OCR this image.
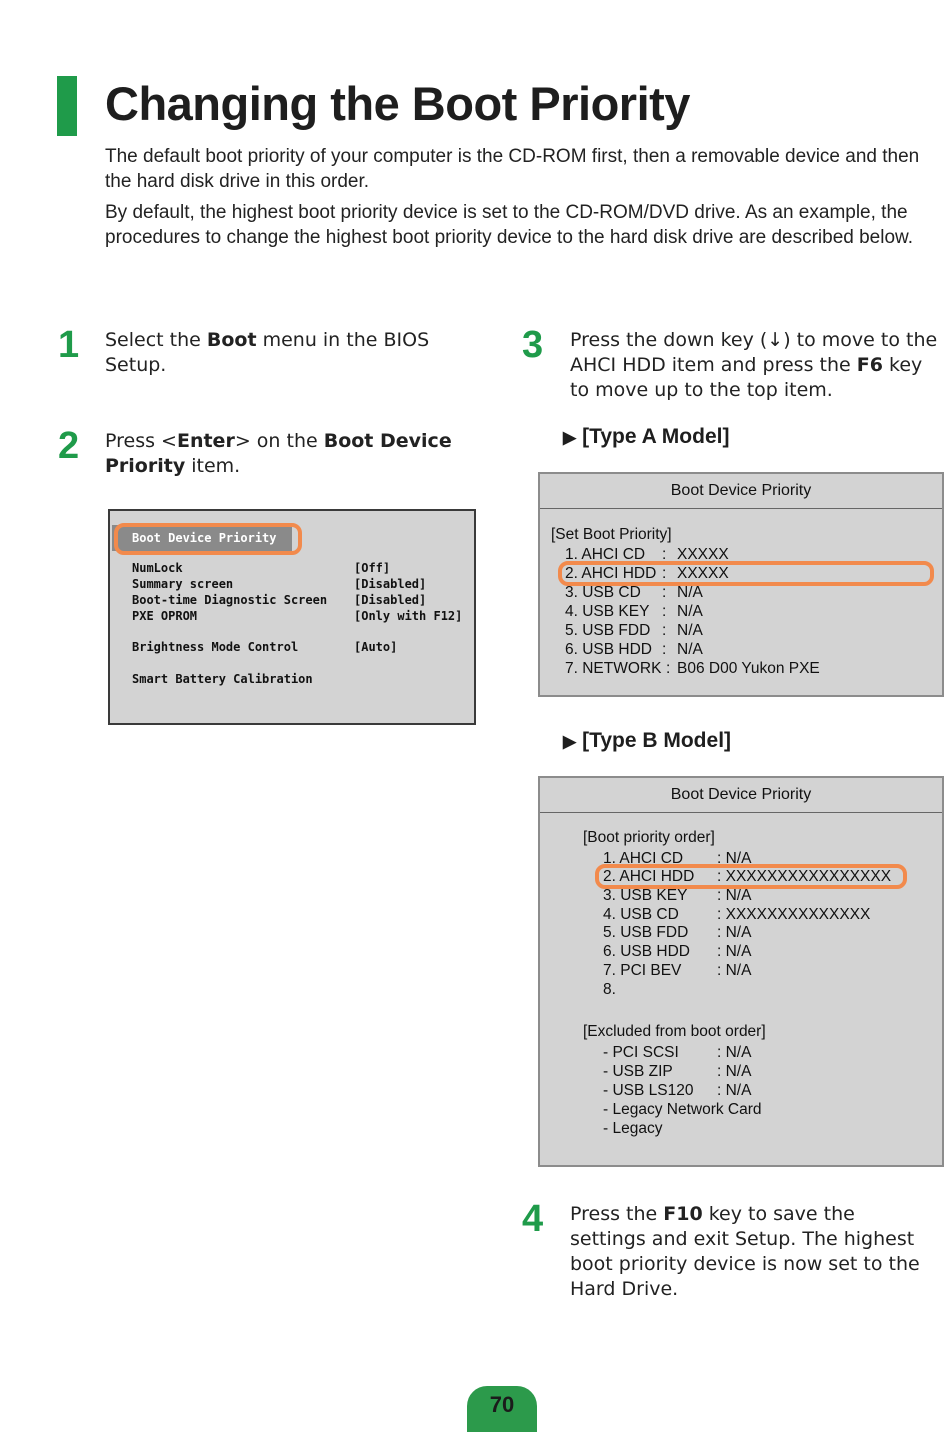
Changing the Boot Priority

The default boot priority of your computer is the CD-ROM first, then a removable device and then the hard disk drive in this order.

By default, the highest boot priority device is set to the CD-ROM/DVD drive. As an example, the procedures to change the highest boot priority device to the hard disk drive are described below.

1 Select the Boot menu in the BIOS Setup.

2 Press <Enter> on the Boot Device Priority item.

Boot Device Priority
NumLock	[Off]
Summary screen	[Disabled]
Boot-time Diagnostic Screen [Disabled]
PXE OPROM	[Only with F12]
Brightness Mode Control	[Auto]
Smart Battery Calibration
3 Press the down key (↓) to move to the AHCI HDD item and press the F6 key to move up to the top item.

▶ [Type A Model]
Boot Device Priority
[Set Boot Priority]
1. AHCI CD : XXXXX
2. AHCI HDD : XXXXX
3. USB CD : N/A
4. USB KEY : N/A
5. USB FDD : N/A
6. USB HDD : N/A
7. NETWORK : B06 D00 Yukon PXE
▶ [Type B Model]
Boot Device Priority
[Boot priority order]
1. AHCI CD : N/A
2. AHCI HDD : XXXXXXXXXXXXXXXX
3. USB KEY : N/A
4. USB CD : XXXXXXXXXXXXXX
5. USB FDD : N/A
6. USB HDD : N/A
7. PCI BEV : N/A
8.
[Excluded from boot order]
- PCI SCSI : N/A
- USB ZIP	: N/A
- USB LS120 : N/A
- Legacy Network Card
- Legacy
4 Press the F10 key to save the settings and exit Setup. The highest boot priority device is now set to the Hard Drive.

70
